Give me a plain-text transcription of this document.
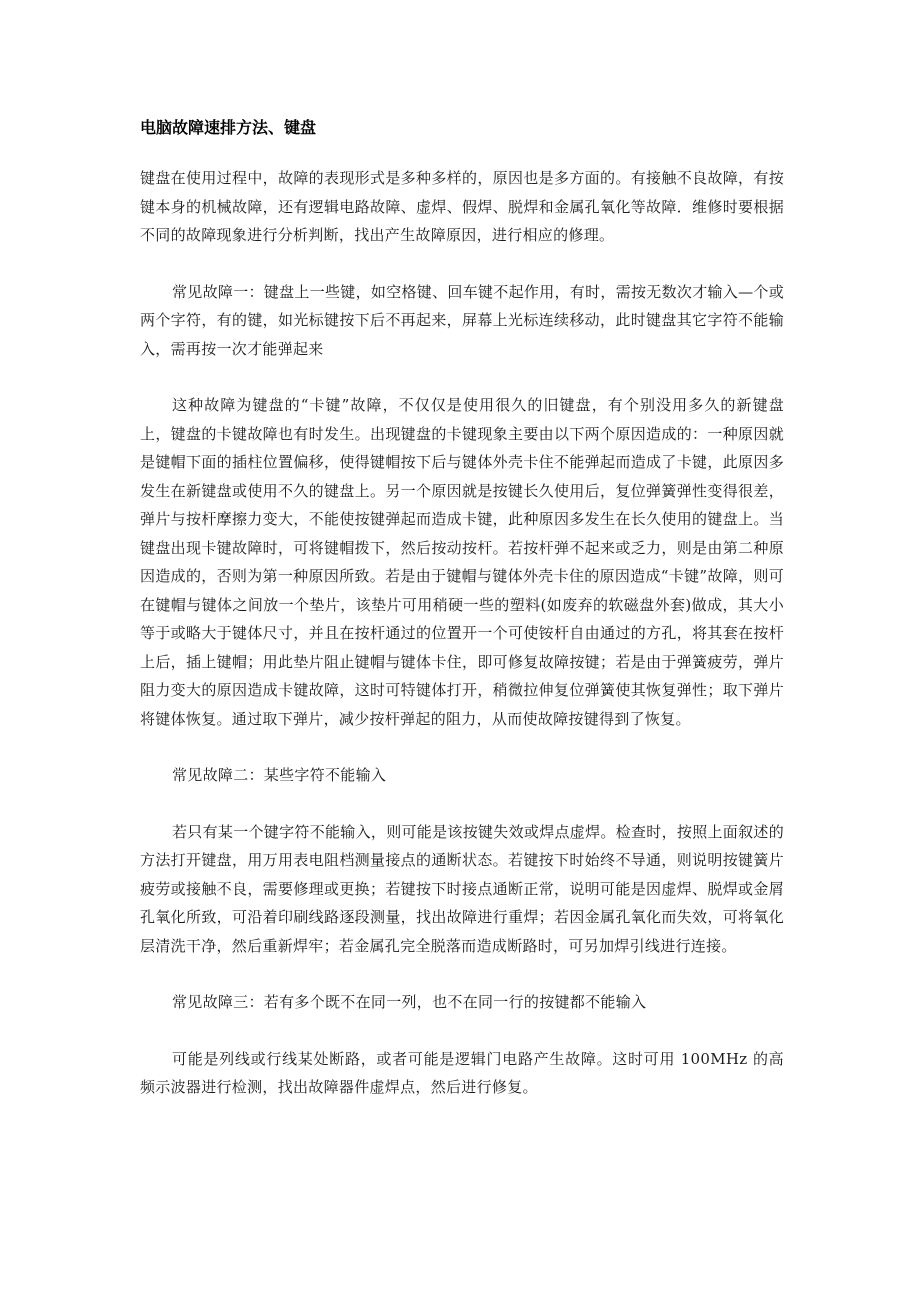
电脑故障速排方法、键盘

键盘在使用过程中，故障的表现形式是多种多样的，原因也是多方面的。有接触不良故障，有按键本身的机械故障，还有逻辑电路故障、虚焊、假焊、脱焊和金属孔氧化等故障．维修时要根据不同的故障现象进行分析判断，找出产生故障原因，进行相应的修理。

常见故障一：键盘上一些键，如空格键、回车键不起作用，有时，需按无数次才输入—个或两个字符，有的键，如光标键按下后不再起来，屏幕上光标连续移动，此时键盘其它字符不能输入，需再按一次才能弹起来

这种故障为键盘的“卡键”故障，不仅仅是使用很久的旧键盘，有个别没用多久的新键盘上，键盘的卡键故障也有时发生。出现键盘的卡键现象主要由以下两个原因造成的：一种原因就是键帽下面的插柱位置偏移，使得键帽按下后与键体外壳卡住不能弹起而造成了卡键，此原因多发生在新键盘或使用不久的键盘上。另一个原因就是按键长久使用后，复位弹簧弹性变得很差，弹片与按杆摩擦力变大，不能使按键弹起而造成卡键，此种原因多发生在长久使用的键盘上。当键盘出现卡键故障时，可将键帽拨下，然后按动按杆。若按杆弹不起来或乏力，则是由第二种原因造成的，否则为第一种原因所致。若是由于键帽与键体外壳卡住的原因造成“卡键”故障，则可在键帽与键体之间放一个垫片，该垫片可用稍硬一些的塑料(如废弃的软磁盘外套)做成，其大小等于或略大于键体尺寸，并且在按杆通过的位置开一个可使铵杆自由通过的方孔，将其套在按杆上后，插上键帽；用此垫片阻止键帽与键体卡住，即可修复故障按键；若是由于弹簧疲劳，弹片阻力变大的原因造成卡键故障，这时可特键体打开，稍微拉伸复位弹簧使其恢复弹性；取下弹片将键体恢复。通过取下弹片，减少按杆弹起的阻力，从而使故障按键得到了恢复。

常见故障二：某些字符不能输入

若只有某一个键字符不能输入，则可能是该按键失效或焊点虚焊。检查时，按照上面叙述的方法打开键盘，用万用表电阻档测量接点的通断状态。若键按下时始终不导通，则说明按键簧片疲劳或接触不良，需要修理或更换；若键按下时接点通断正常，说明可能是因虚焊、脱焊或金屑孔氧化所致，可沿着印刷线路逐段测量，找出故障进行重焊；若因金属孔氧化而失效，可将氧化层清洗干净，然后重新焊牢；若金属孔完全脱落而造成断路时，可另加焊引线进行连接。

常见故障三：若有多个既不在同一列，也不在同一行的按键都不能输入

可能是列线或行线某处断路，或者可能是逻辑门电路产生故障。这时可用 100MHz 的高频示波器进行检测，找出故障器件虚焊点，然后进行修复。
